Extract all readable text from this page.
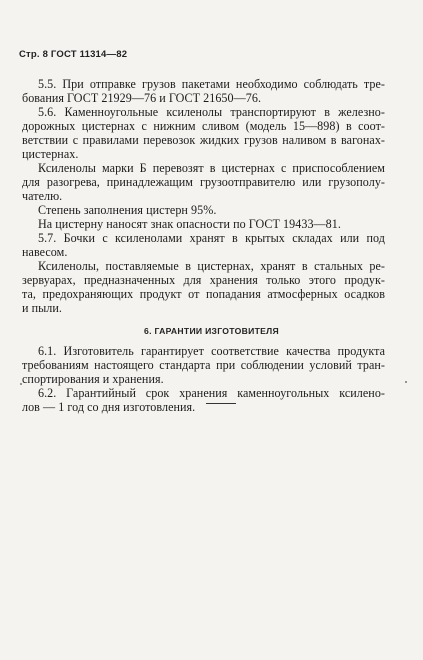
Стр. 8 ГОСТ 11314—82
5.5. При отправке грузов пакетами необходимо соблюдать тре-
бования ГОСТ 21929—76 и ГОСТ 21650—76.
5.6. Каменноугольные ксиленолы транспортируют в железно-
дорожных цистернах с нижним сливом (модель 15—898) в соот-
ветствии с правилами перевозок жидких грузов наливом в вагонах-
цистернах.
Ксиленолы марки Б перевозят в цистернах с приспособлением
для разогрева, принадлежащим грузоотправителю или грузополу-
чателю.
Степень заполнения цистерн 95%.
На цистерну наносят знак опасности по ГОСТ 19433—81.
5.7. Бочки с ксиленолами хранят в крытых складах или под
навесом.
Ксиленолы, поставляемые в цистернах, хранят в стальных ре-
зервуарах, предназначенных для хранения только этого продук-
та, предохраняющих продукт от попадания атмосферных осадков
и пыли.
6. ГАРАНТИИ ИЗГОТОВИТЕЛЯ
6.1. Изготовитель гарантирует соответствие качества продукта
требованиям настоящего стандарта при соблюдении условий тран-
спортирования и хранения.
6.2. Гарантийный срок хранения каменноугольных ксилено-
лов — 1 год со дня изготовления.
